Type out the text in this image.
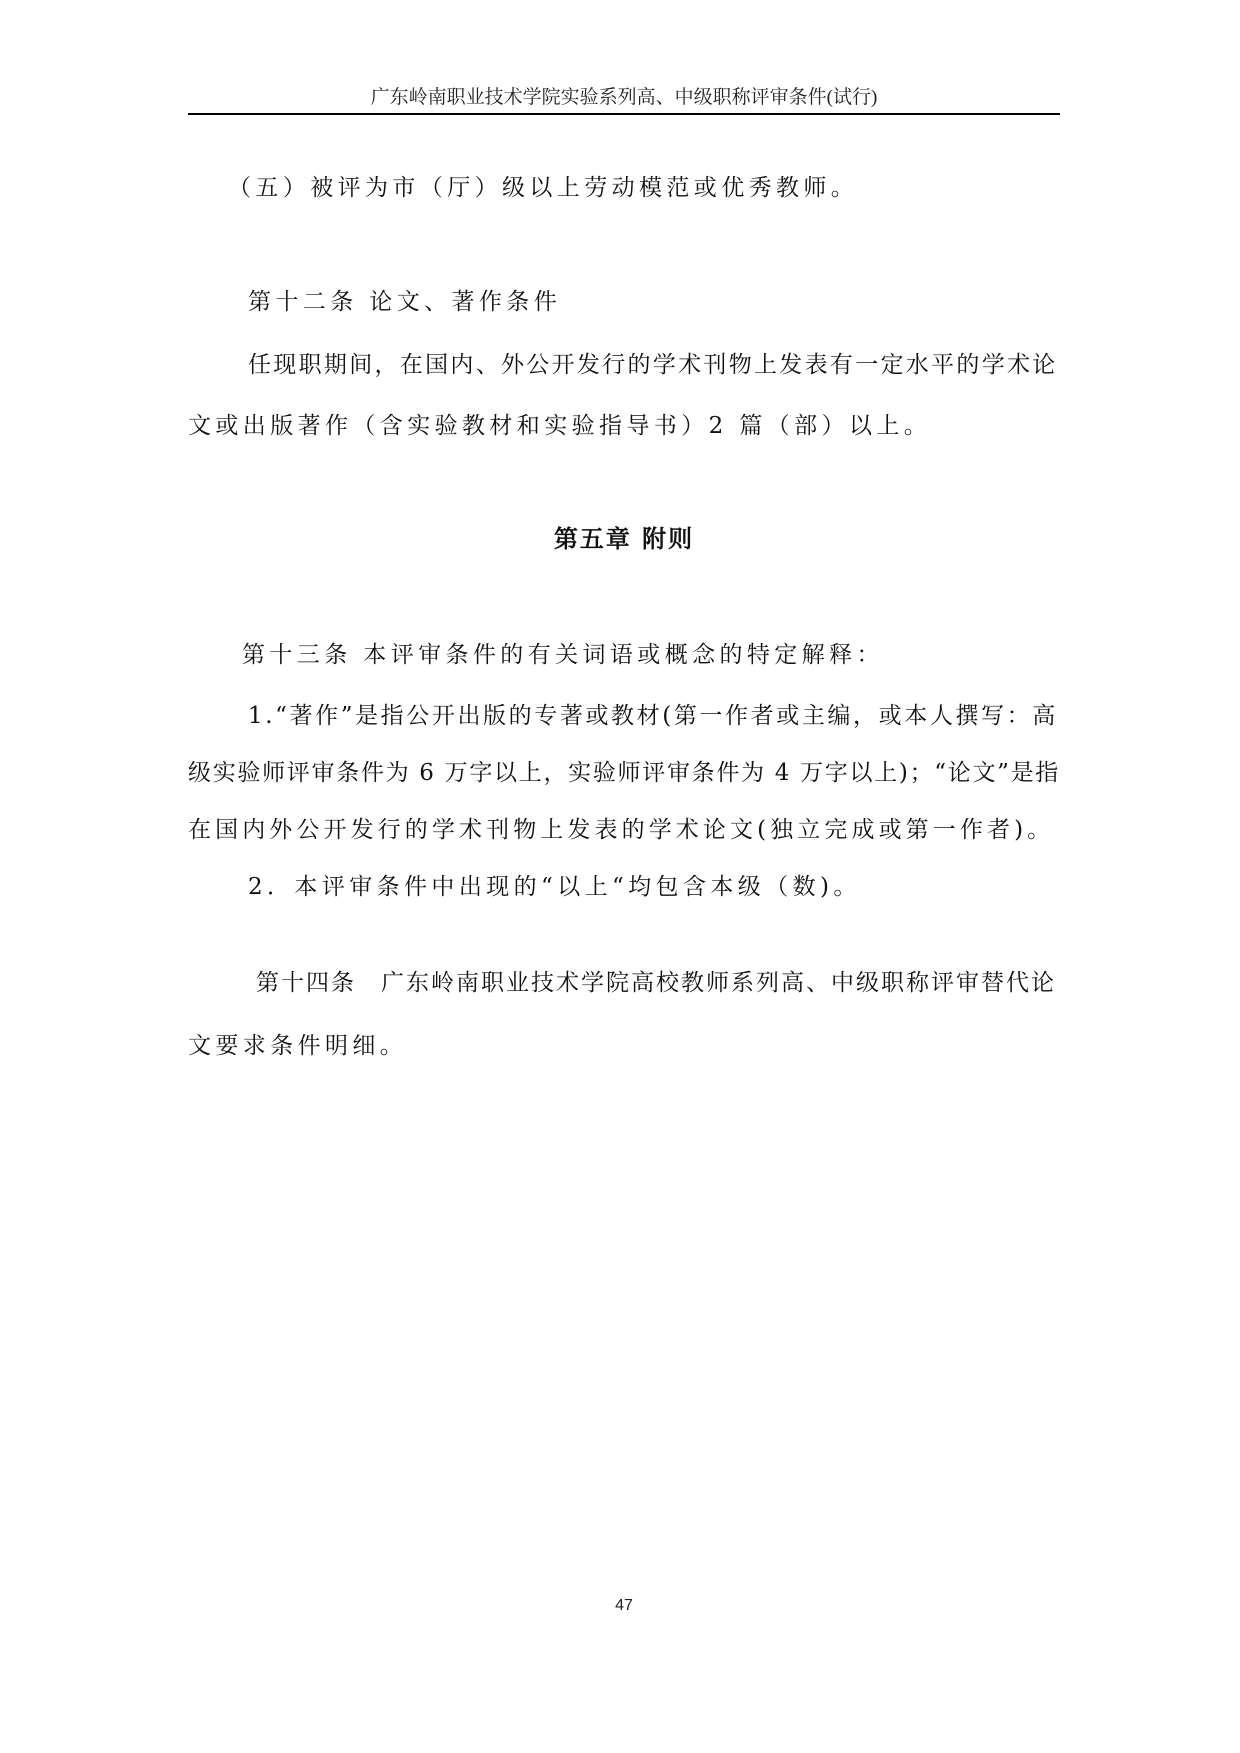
广东岭南职业技术学院实验系列高、中级职称评审条件(试行)
（五）被评为市（厅）级以上劳动模范或优秀教师。
第十二条 论文、著作条件
任现职期间，在国内、外公开发行的学术刊物上发表有一定水平的学术论
文或出版著作（含实验教材和实验指导书）2 篇（部）以上。
第五章 附则
第十三条 本评审条件的有关词语或概念的特定解释：
1.“著作”是指公开出版的专著或教材(第一作者或主编，或本人撰写：高
级实验师评审条件为 6 万字以上，实验师评审条件为 4 万字以上)；“论文”是指
在国内外公开发行的学术刊物上发表的学术论文(独立完成或第一作者)。
2．本评审条件中出现的“以上“均包含本级（数)。
第十四条　广东岭南职业技术学院高校教师系列高、中级职称评审替代论
文要求条件明细。
47
